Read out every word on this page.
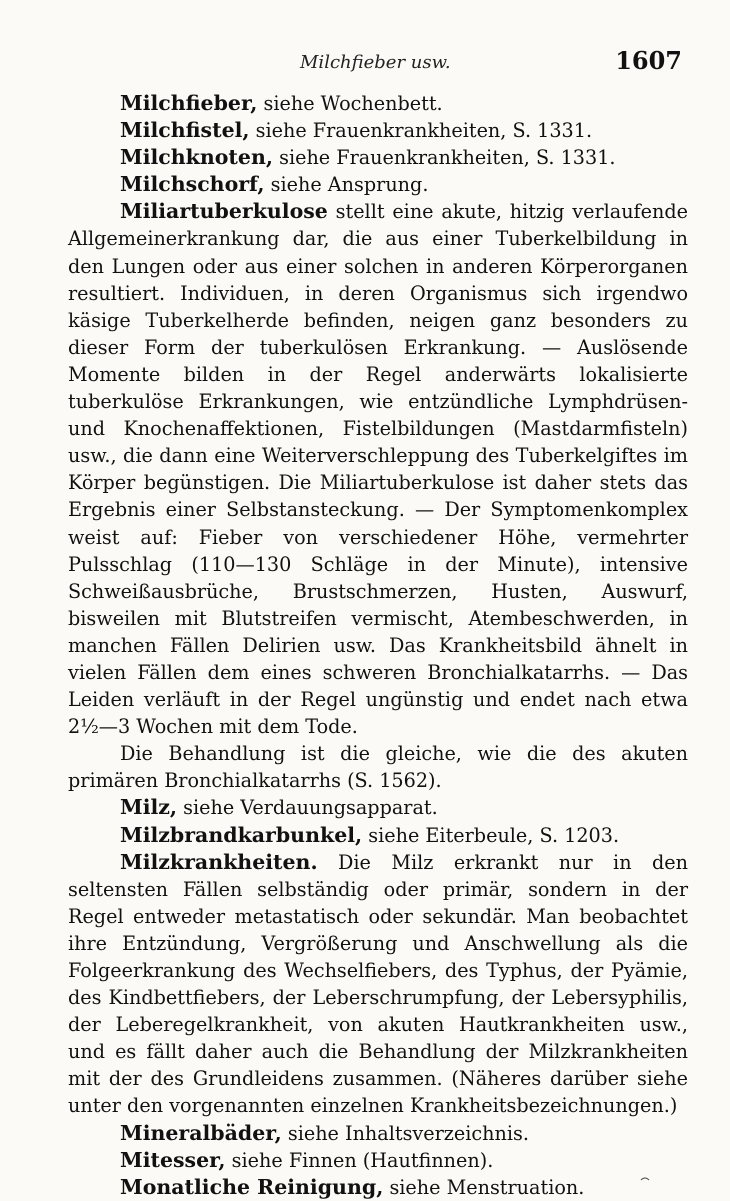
Milchfieber usw.	1607

Milchfieber, siehe Wochenbett.

Milchfistel, siehe Frauenkrankheiten, S. 1331.

Milchknoten, siehe Frauenkrankheiten, S. 1331.

Milchschorf, siehe Ansprung.

Miliartuberkulose stellt eine akute, hitzig verlaufende Allgemeinerkrankung dar, die aus einer Tuberkelbildung in den Lungen oder aus einer solchen in anderen Körperorganen resultiert. Individuen, in deren Organismus sich irgendwo käsige Tuberkelherde befinden, neigen ganz besonders zu dieser Form der tuberkulösen Erkrankung. — Auslösende Momente bilden in der Regel anderwärts lokalisierte tuberkulöse Erkrankungen, wie entzündliche Lymphdrüsen- und Knochenaffektionen, Fistelbildungen (Mastdarmfisteln) usw., die dann eine Weiterverschleppung des Tuberkelgiftes im Körper begünstigen. Die Miliartuberkulose ist daher stets das Ergebnis einer Selbstansteckung. — Der Symptomenkomplex weist auf: Fieber von verschiedener Höhe, vermehrter Pulsschlag (110—130 Schläge in der Minute), intensive Schweißausbrüche, Brustschmerzen, Husten, Auswurf, bisweilen mit Blutstreifen vermischt, Atembeschwerden, in manchen Fällen Delirien usw. Das Krankheitsbild ähnelt in vielen Fällen dem eines schweren Bronchialkatarrhs. — Das Leiden verläuft in der Regel ungünstig und endet nach etwa 2½—3 Wochen mit dem Tode.

Die Behandlung ist die gleiche, wie die des akuten primären Bronchialkatarrhs (S. 1562).

Milz, siehe Verdauungsapparat.

Milzbrandkarbunkel, siehe Eiterbeule, S. 1203.

Milzkrankheiten. Die Milz erkrankt nur in den seltensten Fällen selbständig oder primär, sondern in der Regel entweder metastatisch oder sekundär. Man beobachtet ihre Entzündung, Vergrößerung und Anschwellung als die Folgeerkrankung des Wechselfiebers, des Typhus, der Pyämie, des Kindbettfiebers, der Leberschrumpfung, der Lebersyphilis, der Leberegelkrankheit, von akuten Hautkrankheiten usw., und es fällt daher auch die Behandlung der Milzkrankheiten mit der des Grundleidens zusammen. (Näheres darüber siehe unter den vorgenannten einzelnen Krankheitsbezeichnungen.)

Mineralbäder, siehe Inhaltsverzeichnis.

Mitesser, siehe Finnen (Hautfinnen).

Monatliche Reinigung, siehe Menstruation.
